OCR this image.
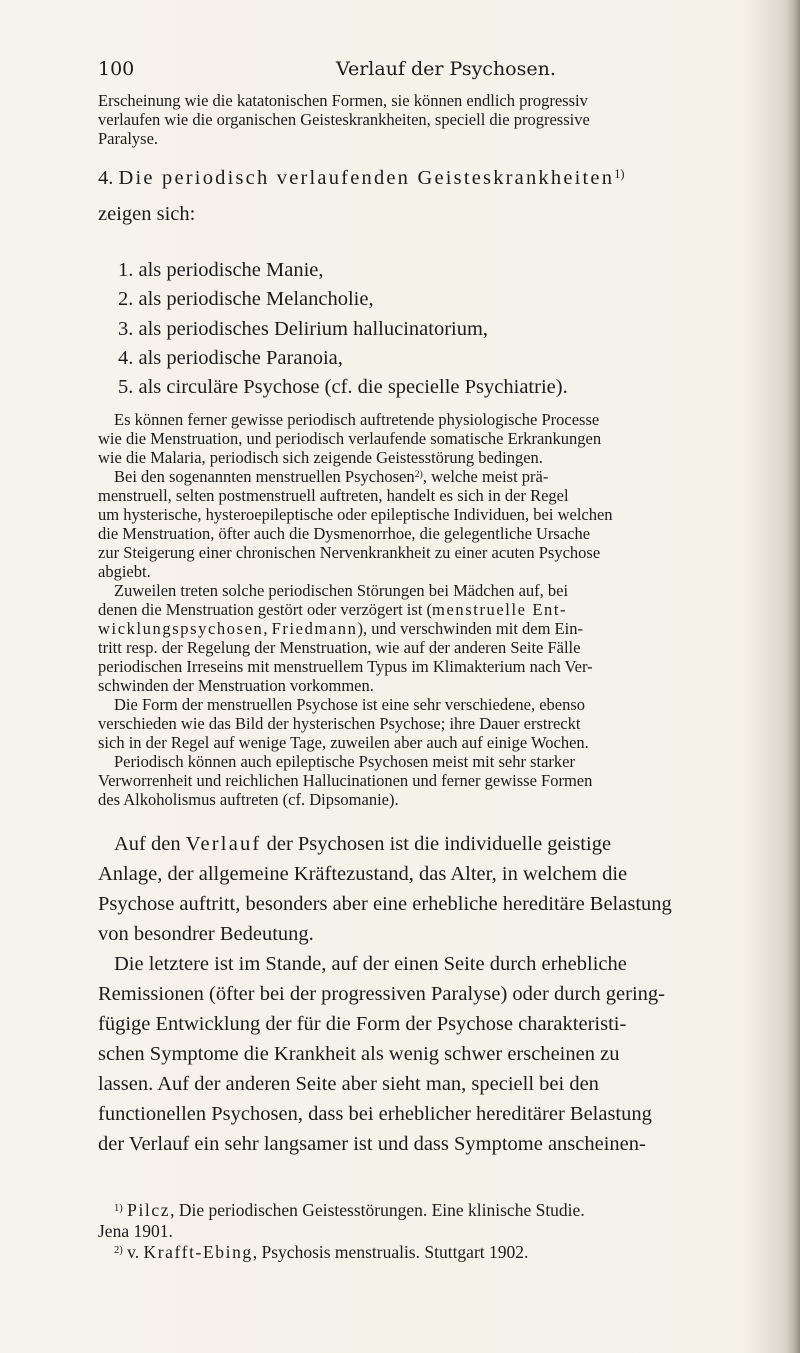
100	Verlauf der Psychosen.

Erscheinung wie die katatonischen Formen, sie können endlich progressiv

verlaufen wie die organischen Geisteskrankheiten, speciell die progressive

Paralyse.

4. Die periodisch verlaufenden Geisteskrankheiten$^{1)}$

zeigen sich:

1. als periodische Manie,
2. als periodische Melancholie,
3. als periodisches Delirium hallucinatorium,
4. als periodische Paranoia,
5. als circuläre Psychose (cf. die specielle Psychiatrie).

Es können ferner gewisse periodisch auftretende physiologische Processe

wie die Menstruation, und periodisch verlaufende somatische Erkrankungen

wie die Malaria, periodisch sich zeigende Geistesstörung bedingen.

Bei den sogenannten menstruellen Psychosen$^{2)}$, welche meist prä-

menstruell, selten postmenstruell auftreten, handelt es sich in der Regel

um hysterische, hysteroepileptische oder epileptische Individuen, bei welchen

die Menstruation, öfter auch die Dysmenorrhoe, die gelegentliche Ursache

zur Steigerung einer chronischen Nervenkrankheit zu einer acuten Psychose

abgiebt.

Zuweilen treten solche periodischen Störungen bei Mädchen auf, bei

denen die Menstruation gestört oder verzögert ist (menstruelle Ent-

wicklungspsychosen, Friedmann), und verschwinden mit dem Ein-

tritt resp. der Regelung der Menstruation, wie auf der anderen Seite Fälle

periodischen Irreseins mit menstruellem Typus im Klimakterium nach Ver-

schwinden der Menstruation vorkommen.

Die Form der menstruellen Psychose ist eine sehr verschiedene, ebenso

verschieden wie das Bild der hysterischen Psychose; ihre Dauer erstreckt

sich in der Regel auf wenige Tage, zuweilen aber auch auf einige Wochen.

Periodisch können auch epileptische Psychosen meist mit sehr starker

Verworrenheit und reichlichen Hallucinationen und ferner gewisse Formen

des Alkoholismus auftreten (cf. Dipsomanie).

Auf den Verlauf der Psychosen ist die individuelle geistige

Anlage, der allgemeine Kräftezustand, das Alter, in welchem die

Psychose auftritt, besonders aber eine erhebliche hereditäre Belastung

von besondrer Bedeutung.

Die letztere ist im Stande, auf der einen Seite durch erhebliche

Remissionen (öfter bei der progressiven Paralyse) oder durch gering-

fügige Entwicklung der für die Form der Psychose charakteristi-

schen Symptome die Krankheit als wenig schwer erscheinen zu

lassen. Auf der anderen Seite aber sieht man, speciell bei den

functionellen Psychosen, dass bei erheblicher hereditärer Belastung

der Verlauf ein sehr langsamer ist und dass Symptome anscheinen-

$^{1)}$ Pilcz, Die periodischen Geistesstörungen. Eine klinische Studie.

Jena 1901.

$^{2)}$ v. Krafft-Ebing, Psychosis menstrualis. Stuttgart 1902.
